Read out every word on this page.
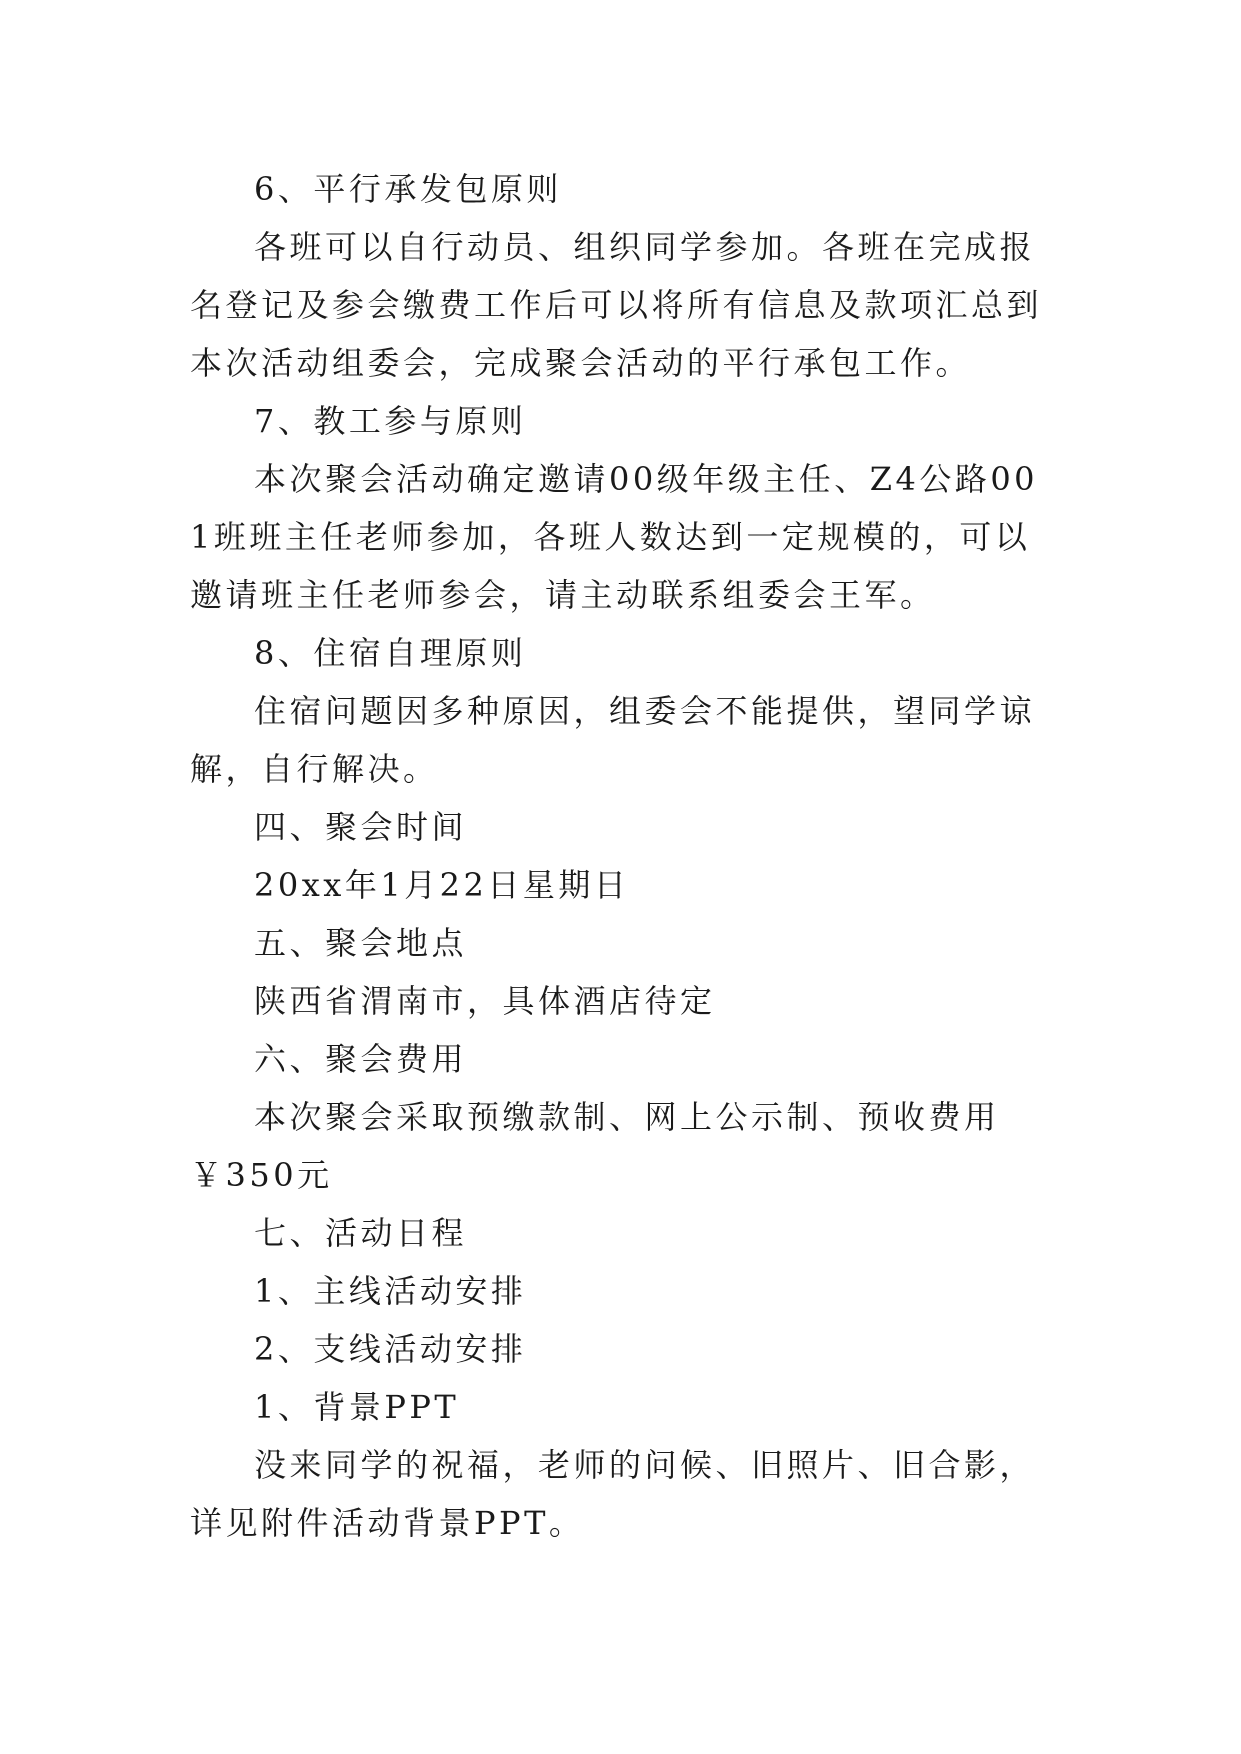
6、平行承发包原则

各班可以自行动员、组织同学参加。各班在完成报名登记及参会缴费工作后可以将所有信息及款项汇总到本次活动组委会，完成聚会活动的平行承包工作。

7、教工参与原则

本次聚会活动确定邀请00级年级主任、Z4公路001班班主任老师参加，各班人数达到一定规模的，可以邀请班主任老师参会，请主动联系组委会王军。

8、住宿自理原则

住宿问题因多种原因，组委会不能提供，望同学谅解，自行解决。

四、聚会时间

20xx年1月22日星期日

五、聚会地点

陕西省渭南市，具体酒店待定

六、聚会费用

本次聚会采取预缴款制、网上公示制、预收费用￥350元

七、活动日程

1、主线活动安排

2、支线活动安排

1、背景PPT

没来同学的祝福，老师的问候、旧照片、旧合影，详见附件活动背景PPT。
